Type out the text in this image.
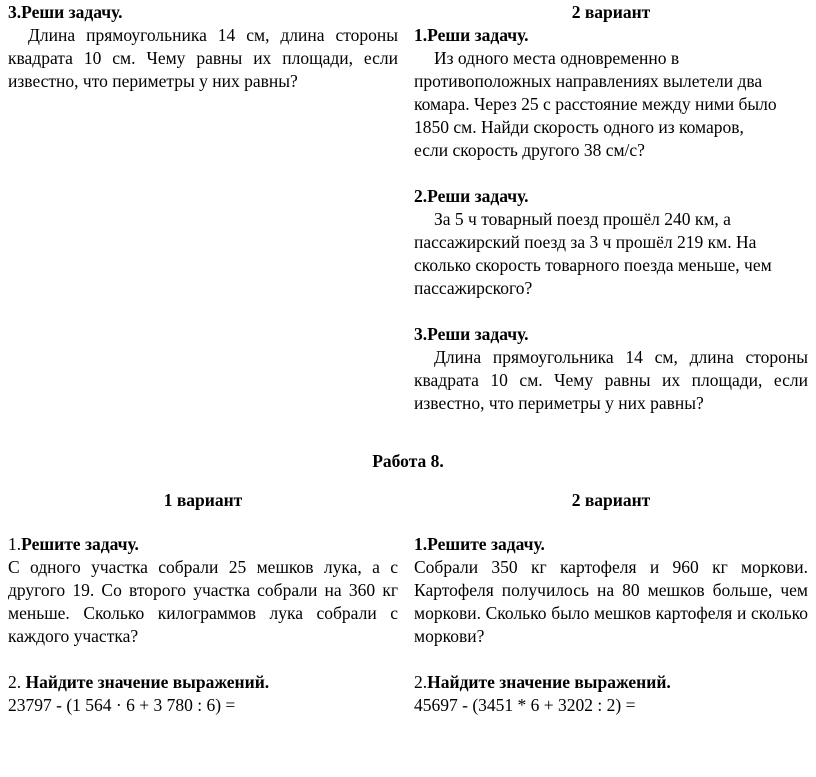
3.Реши задачу.

Длина прямоугольника 14 см, длина стороны квадрата 10 см. Чему равны их площади, если известно, что периметры у них равны?

2 вариант

1.Реши задачу.

Из одного места одновременно в

противоположных направлениях вылетели два

комара. Через 25 с расстояние между ними было

1850 см. Найди скорость одного из комаров,

если скорость другого 38 см/с?

2.Реши задачу.

За 5 ч товарный поезд прошёл 240 км, а

пассажирский поезд за 3 ч прошёл 219 км. На

сколько скорость товарного поезда меньше, чем

пассажирского?

3.Реши задачу.

Длина прямоугольника 14 см, длина стороны квадрата 10 см. Чему равны их площади, если известно, что периметры у них равны?

Работа 8.
1 вариант	2 вариант

1.Решите задачу.

С одного участка собрали 25 мешков лука, а с другого 19. Со второго участка собрали на 360 кг меньше. Сколько килограммов лука собрали с каждого участка?

2. Найдите значение выражений.

23797 - (1 564 · 6 + 3 780 : 6) =

1.Решите задачу.

Собрали 350 кг картофеля и 960 кг моркови. Картофеля получилось на 80 мешков больше, чем моркови. Сколько было мешков картофеля и сколько моркови?

2.Найдите значение выражений.

45697 - (3451 * 6 + 3202 : 2) =
